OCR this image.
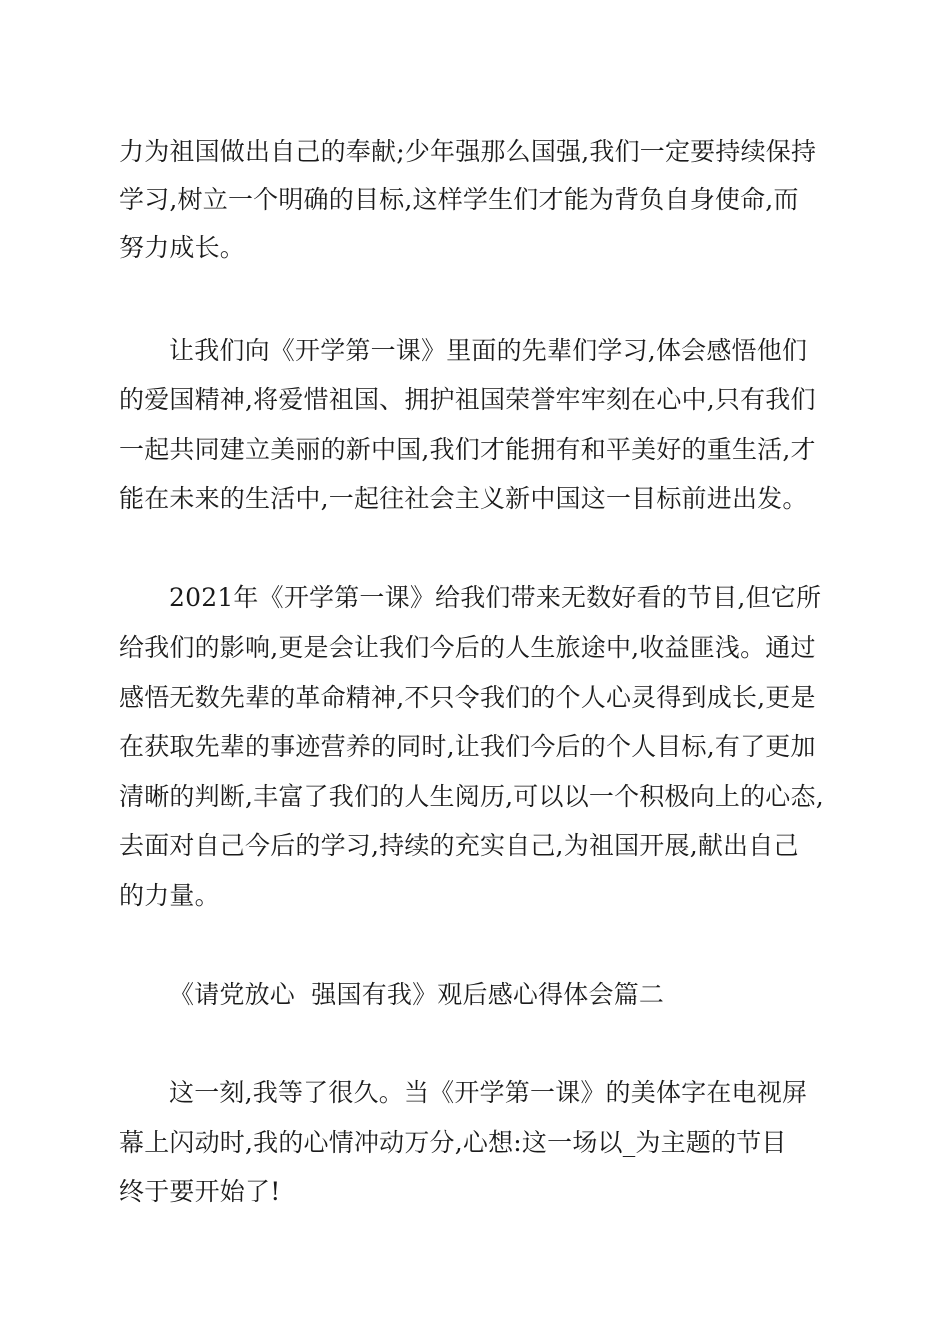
力为祖国做出自己的奉献;少年强那么国强,我们一定要持续保持
学习,树立一个明确的目标,这样学生们才能为背负自身使命,而
努力成长。
让我们向《开学第一课》里面的先辈们学习,体会感悟他们
的爱国精神,将爱惜祖国、拥护祖国荣誉牢牢刻在心中,只有我们
一起共同建立美丽的新中国,我们才能拥有和平美好的重生活,才
能在未来的生活中,一起往社会主义新中国这一目标前进出发。
2021年《开学第一课》给我们带来无数好看的节目,但它所
给我们的影响,更是会让我们今后的人生旅途中,收益匪浅。通过
感悟无数先辈的革命精神,不只令我们的个人心灵得到成长,更是
在获取先辈的事迹营养的同时,让我们今后的个人目标,有了更加
清晰的判断,丰富了我们的人生阅历,可以以一个积极向上的心态,
去面对自己今后的学习,持续的充实自己,为祖国开展,献出自己
的力量。
《请党放心  强国有我》观后感心得体会篇二
这一刻,我等了很久。当《开学第一课》的美体字在电视屏
幕上闪动时,我的心情冲动万分,心想:这一场以_为主题的节目
终于要开始了!
